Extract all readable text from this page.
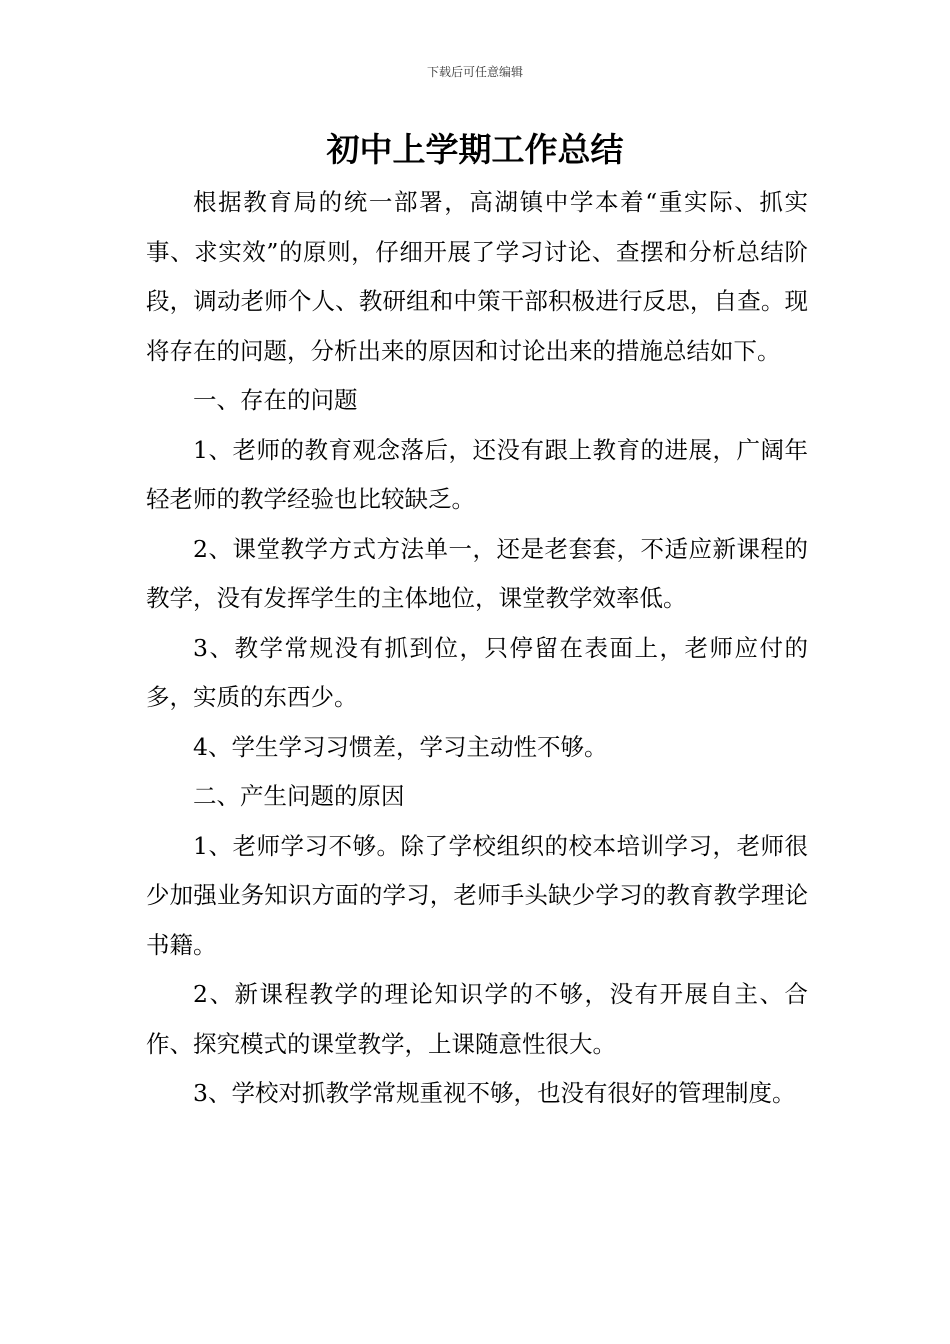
下载后可任意编辑
初中上学期工作总结

根据教育局的统一部署，高湖镇中学本着“重实际、抓实事、求实效”的原则，仔细开展了学习讨论、查摆和分析总结阶段，调动老师个人、教研组和中策干部积极进行反思，自查。现将存在的问题，分析出来的原因和讨论出来的措施总结如下。

一、存在的问题

1、老师的教育观念落后，还没有跟上教育的进展，广阔年轻老师的教学经验也比较缺乏。

2、课堂教学方式方法单一，还是老套套，不适应新课程的教学，没有发挥学生的主体地位，课堂教学效率低。

3、教学常规没有抓到位，只停留在表面上，老师应付的多，实质的东西少。

4、学生学习习惯差，学习主动性不够。

二、产生问题的原因

1、老师学习不够。除了学校组织的校本培训学习，老师很少加强业务知识方面的学习，老师手头缺少学习的教育教学理论书籍。

2、新课程教学的理论知识学的不够，没有开展自主、合作、探究模式的课堂教学，上课随意性很大。

3、学校对抓教学常规重视不够，也没有很好的管理制度。
